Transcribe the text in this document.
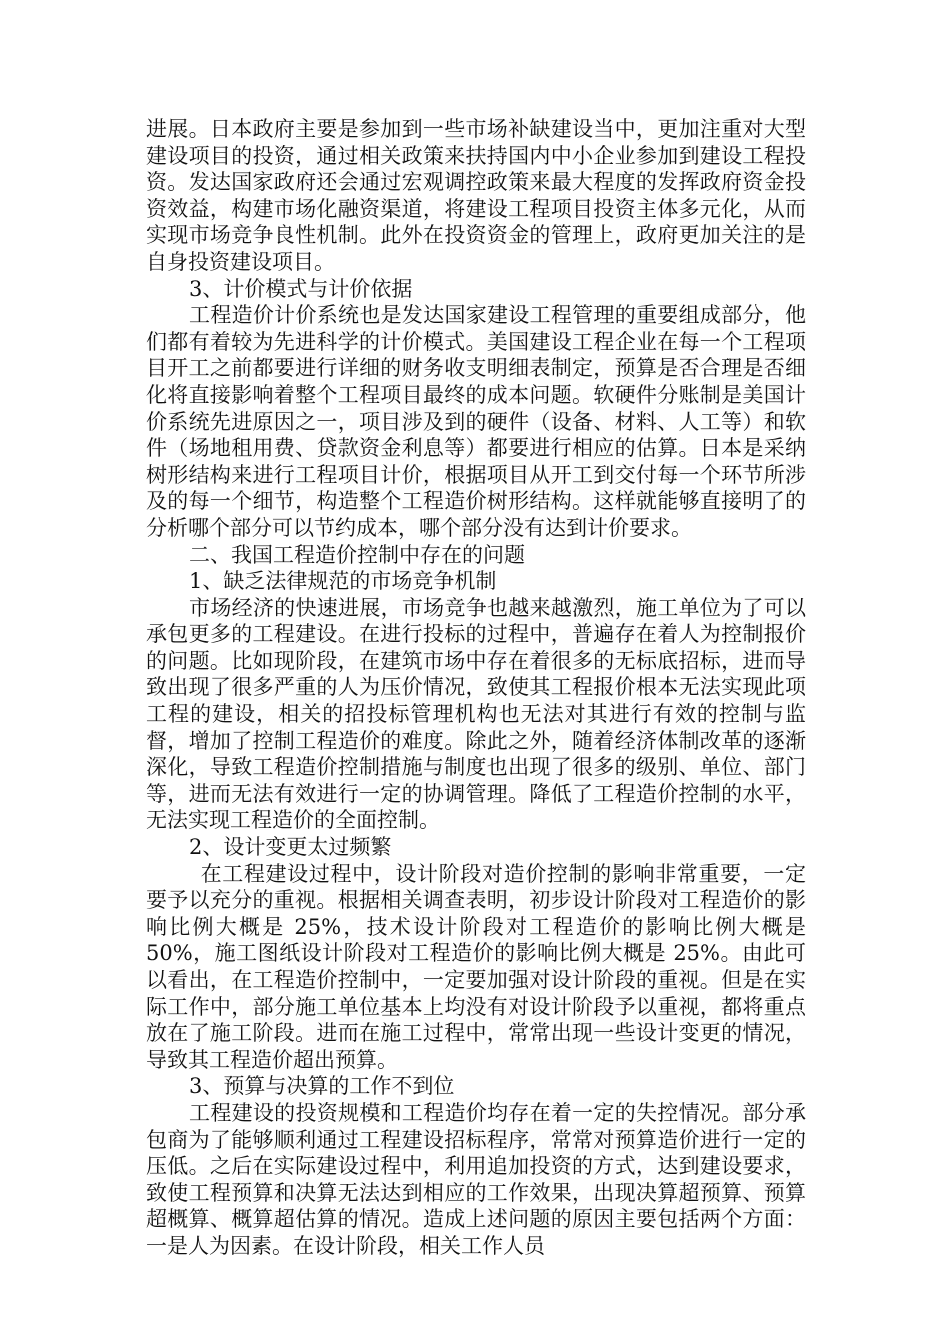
进展。日本政府主要是参加到一些市场补缺建设当中，更加注重对大型建设项目的投资，通过相关政策来扶持国内中小企业参加到建设工程投资。发达国家政府还会通过宏观调控政策来最大程度的发挥政府资金投资效益，构建市场化融资渠道，将建设工程项目投资主体多元化，从而实现市场竞争良性机制。此外在投资资金的管理上，政府更加关注的是自身投资建设项目。

3、计价模式与计价依据

工程造价计价系统也是发达国家建设工程管理的重要组成部分，他们都有着较为先进科学的计价模式。美国建设工程企业在每一个工程项目开工之前都要进行详细的财务收支明细表制定，预算是否合理是否细化将直接影响着整个工程项目最终的成本问题。软硬件分账制是美国计价系统先进原因之一，项目涉及到的硬件（设备、材料、人工等）和软件（场地租用费、贷款资金利息等）都要进行相应的估算。日本是采纳树形结构来进行工程项目计价，根据项目从开工到交付每一个环节所涉及的每一个细节，构造整个工程造价树形结构。这样就能够直接明了的分析哪个部分可以节约成本，哪个部分没有达到计价要求。

二、我国工程造价控制中存在的问题

1、缺乏法律规范的市场竞争机制

市场经济的快速进展，市场竞争也越来越激烈，施工单位为了可以承包更多的工程建设。在进行投标的过程中，普遍存在着人为控制报价的问题。比如现阶段，在建筑市场中存在着很多的无标底招标，进而导致出现了很多严重的人为压价情况，致使其工程报价根本无法实现此项工程的建设，相关的招投标管理机构也无法对其进行有效的控制与监督，增加了控制工程造价的难度。除此之外，随着经济体制改革的逐渐深化，导致工程造价控制措施与制度也出现了很多的级别、单位、部门等，进而无法有效进行一定的协调管理。降低了工程造价控制的水平，无法实现工程造价的全面控制。

2、设计变更太过频繁

在工程建设过程中，设计阶段对造价控制的影响非常重要，一定要予以充分的重视。根据相关调查表明，初步设计阶段对工程造价的影响比例大概是 25%，技术设计阶段对工程造价的影响比例大概是 50%，施工图纸设计阶段对工程造价的影响比例大概是 25%。由此可以看出，在工程造价控制中，一定要加强对设计阶段的重视。但是在实际工作中，部分施工单位基本上均没有对设计阶段予以重视，都将重点放在了施工阶段。进而在施工过程中，常常出现一些设计变更的情况，导致其工程造价超出预算。

3、预算与决算的工作不到位

工程建设的投资规模和工程造价均存在着一定的失控情况。部分承包商为了能够顺利通过工程建设招标程序，常常对预算造价进行一定的压低。之后在实际建设过程中，利用追加投资的方式，达到建设要求，致使工程预算和决算无法达到相应的工作效果，出现决算超预算、预算超概算、概算超估算的情况。造成上述问题的原因主要包括两个方面：一是人为因素。在设计阶段，相关工作人员
